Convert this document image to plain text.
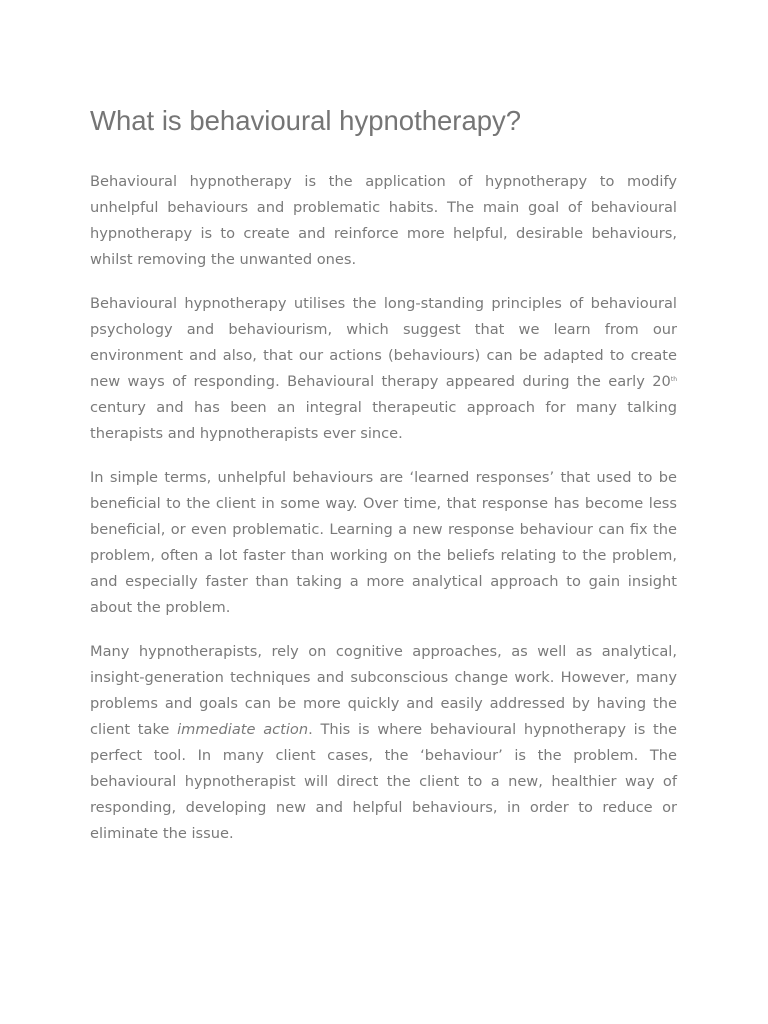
What is behavioural hypnotherapy?

Behavioural hypnotherapy is the application of hypnotherapy to modify unhelpful behaviours and problematic habits. The main goal of behavioural hypnotherapy is to create and reinforce more helpful, desirable behaviours, whilst removing the unwanted ones.

Behavioural hypnotherapy utilises the long-standing principles of behavioural psychology and behaviourism, which suggest that we learn from our environment and also, that our actions (behaviours) can be adapted to create new ways of responding. Behavioural therapy appeared during the early 20th century and has been an integral therapeutic approach for many talking therapists and hypnotherapists ever since.

In simple terms, unhelpful behaviours are ‘learned responses’ that used to be beneficial to the client in some way. Over time, that response has become less beneficial, or even problematic. Learning a new response behaviour can fix the problem, often a lot faster than working on the beliefs relating to the problem, and especially faster than taking a more analytical approach to gain insight about the problem.

Many hypnotherapists, rely on cognitive approaches, as well as analytical, insight-generation techniques and subconscious change work. However, many problems and goals can be more quickly and easily addressed by having the client take immediate action. This is where behavioural hypnotherapy is the perfect tool. In many client cases, the ‘behaviour’ is the problem. The behavioural hypnotherapist will direct the client to a new, healthier way of responding, developing new and helpful behaviours, in order to reduce or eliminate the issue.
